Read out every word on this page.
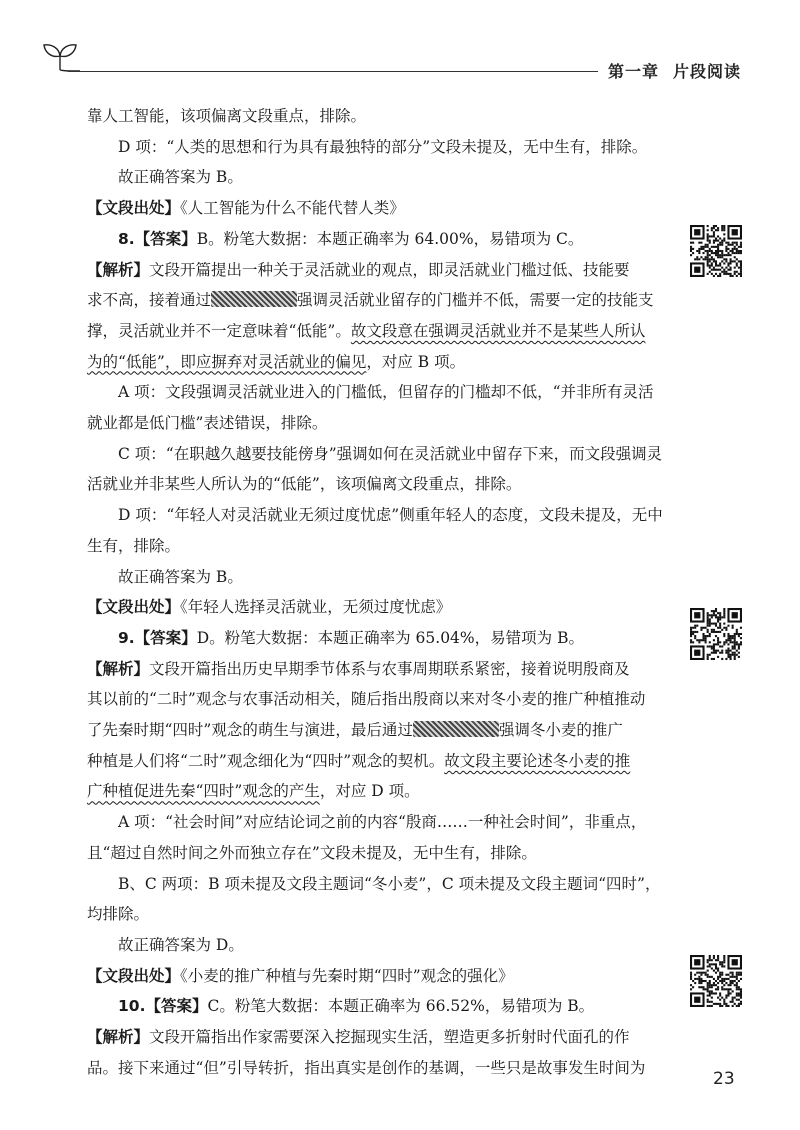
第一章 片段阅读

靠人工智能，该项偏离文段重点，排除。

D 项：“人类的思想和行为具有最独特的部分”文段未提及，无中生有，排除。

故正确答案为 B。

【文段出处】《人工智能为什么不能代替人类》

8.【答案】B。粉笔大数据：本题正确率为 64.00%，易错项为 C。

【解析】文段开篇提出一种关于灵活就业的观点，即灵活就业门槛过低、技能要

求不高，接着通过	强调灵活就业留存的门槛并不低，需要一定的技能支

撑，灵活就业并不一定意味着“低能”。故文段意在强调灵活就业并不是某些人所认

为的“低能”，即应摒弃对灵活就业的偏见，对应 B 项。

A 项：文段强调灵活就业进入的门槛低，但留存的门槛却不低，“并非所有灵活

就业都是低门槛”表述错误，排除。

C 项：“在职越久越要技能傍身”强调如何在灵活就业中留存下来，而文段强调灵

活就业并非某些人所认为的“低能”，该项偏离文段重点，排除。

D 项：“年轻人对灵活就业无须过度忧虑”侧重年轻人的态度，文段未提及，无中

生有，排除。

故正确答案为 B。

【文段出处】《年轻人选择灵活就业，无须过度忧虑》

9.【答案】D。粉笔大数据：本题正确率为 65.04%，易错项为 B。

【解析】文段开篇指出历史早期季节体系与农事周期联系紧密，接着说明殷商及

其以前的“二时”观念与农事活动相关，随后指出殷商以来对冬小麦的推广种植推动

了先秦时期“四时”观念的萌生与演进，最后通过	强调冬小麦的推广

种植是人们将“二时”观念细化为“四时”观念的契机。故文段主要论述冬小麦的推

广种植促进先秦“四时”观念的产生，对应 D 项。

A 项：“社会时间”对应结论词之前的内容“殷商……一种社会时间”，非重点，

且“超过自然时间之外而独立存在”文段未提及，无中生有，排除。

B、C 两项：B 项未提及文段主题词“冬小麦”，C 项未提及文段主题词“四时”，

均排除。

故正确答案为 D。

【文段出处】《小麦的推广种植与先秦时期“四时”观念的强化》

10.【答案】C。粉笔大数据：本题正确率为 66.52%，易错项为 B。

【解析】文段开篇指出作家需要深入挖掘现实生活，塑造更多折射时代面孔的作

品。接下来通过“但”引导转折，指出真实是创作的基调，一些只是故事发生时间为

23
